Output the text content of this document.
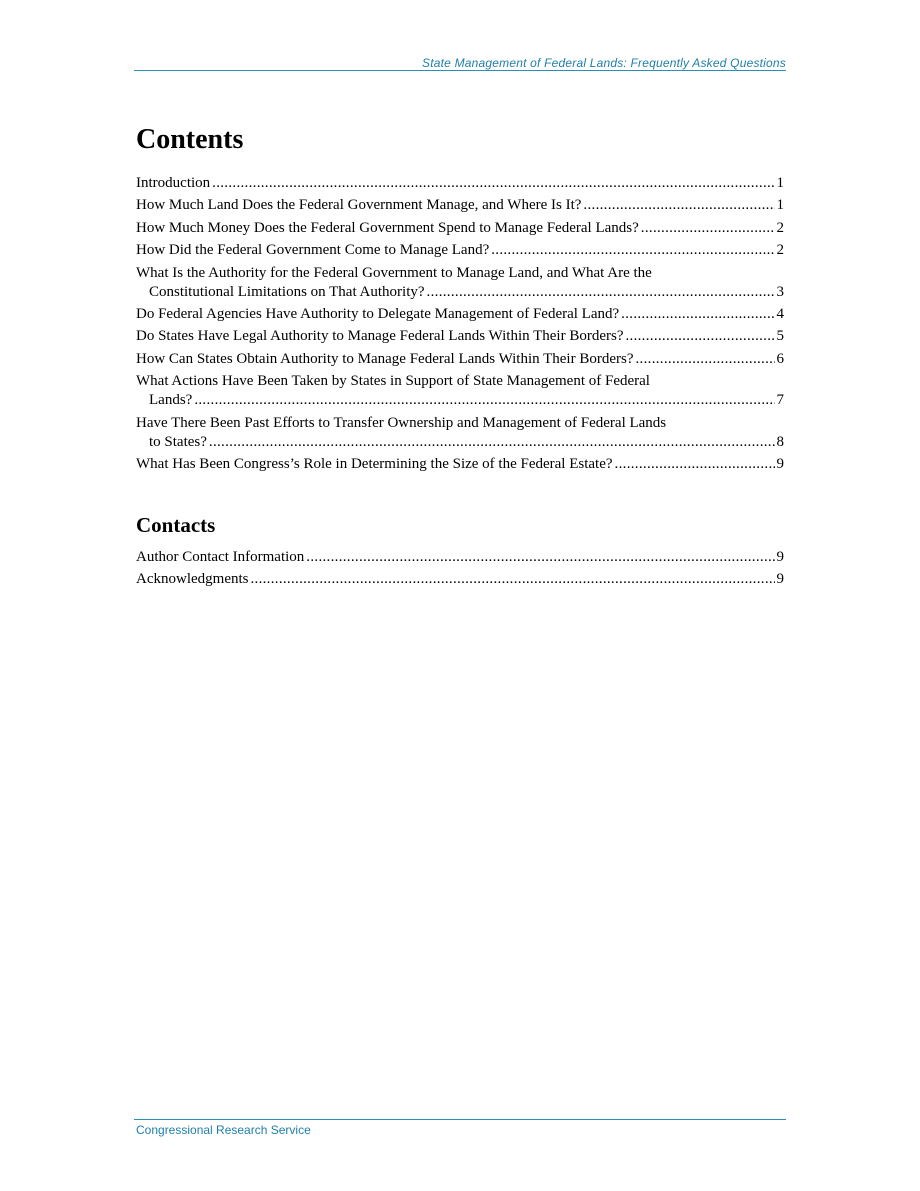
State Management of Federal Lands: Frequently Asked Questions
Contents
Introduction .....	1
How Much Land Does the Federal Government Manage, and Where Is It? .....	1
How Much Money Does the Federal Government Spend to Manage Federal Lands? .....	2
How Did the Federal Government Come to Manage Land? .....	2
What Is the Authority for the Federal Government to Manage Land, and What Are the
Constitutional Limitations on That Authority? .....	3
Do Federal Agencies Have Authority to Delegate Management of Federal Land? .....	4
Do States Have Legal Authority to Manage Federal Lands Within Their Borders? .....	5
How Can States Obtain Authority to Manage Federal Lands Within Their Borders? .....	6
What Actions Have Been Taken by States in Support of State Management of Federal
Lands? .....	7
Have There Been Past Efforts to Transfer Ownership and Management of Federal Lands
to States? .....	8
What Has Been Congress’s Role in Determining the Size of the Federal Estate? .....	9
Contacts
Author Contact Information .....	9
Acknowledgments .....	9
Congressional Research Service
